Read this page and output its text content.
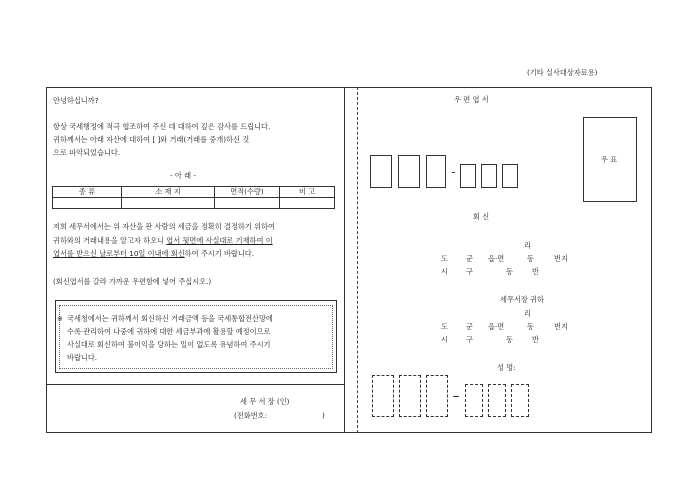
(기타 실사대상자료용)
안녕하십니까?
항상 국세행정에 적극 협조하여 주신 데 대하여 깊은 감사를 드립니다.
귀하께서는 아래 자산에 대하여 [ ]와 거래(거래를 중개)하신 것
으로 파악되었습니다.
- 아 래 -
종 류	소 재 지	면적(수량)	비 고

저희 세무서에서는 위 자산을 판 사람의 세금을 정확히 결정하기 위하여
귀하와의 거래내용을 알고자 하오니 엽서 뒷면에 사실대로 기재하여 이
엽서를 받으신 날로부터 10일 이내에 회신하여 주시기 바랍니다.
(회신엽서를 갈라 가까운 우편함에 넣어 주십시오.)
※ 국세청에서는 귀하께서 회신하신 거래금액 등을 국세통합전산망에
수록·관리하여 나중에 귀하에 대한 세금부과에 활용할 예정이므로
사실대로 회신하여 불이익을 당하는 일이 없도록 유념하여 주시기
바랍니다.
세 무 서 장 (인)
(전화번호:	)
우 편 엽 서
우 표
회 신
리
도	군 읍·면	동	번지
시	구	동	반
세무서장 귀하
리
도	군 읍·면	동	번지
시	구	동	반
성 명:
